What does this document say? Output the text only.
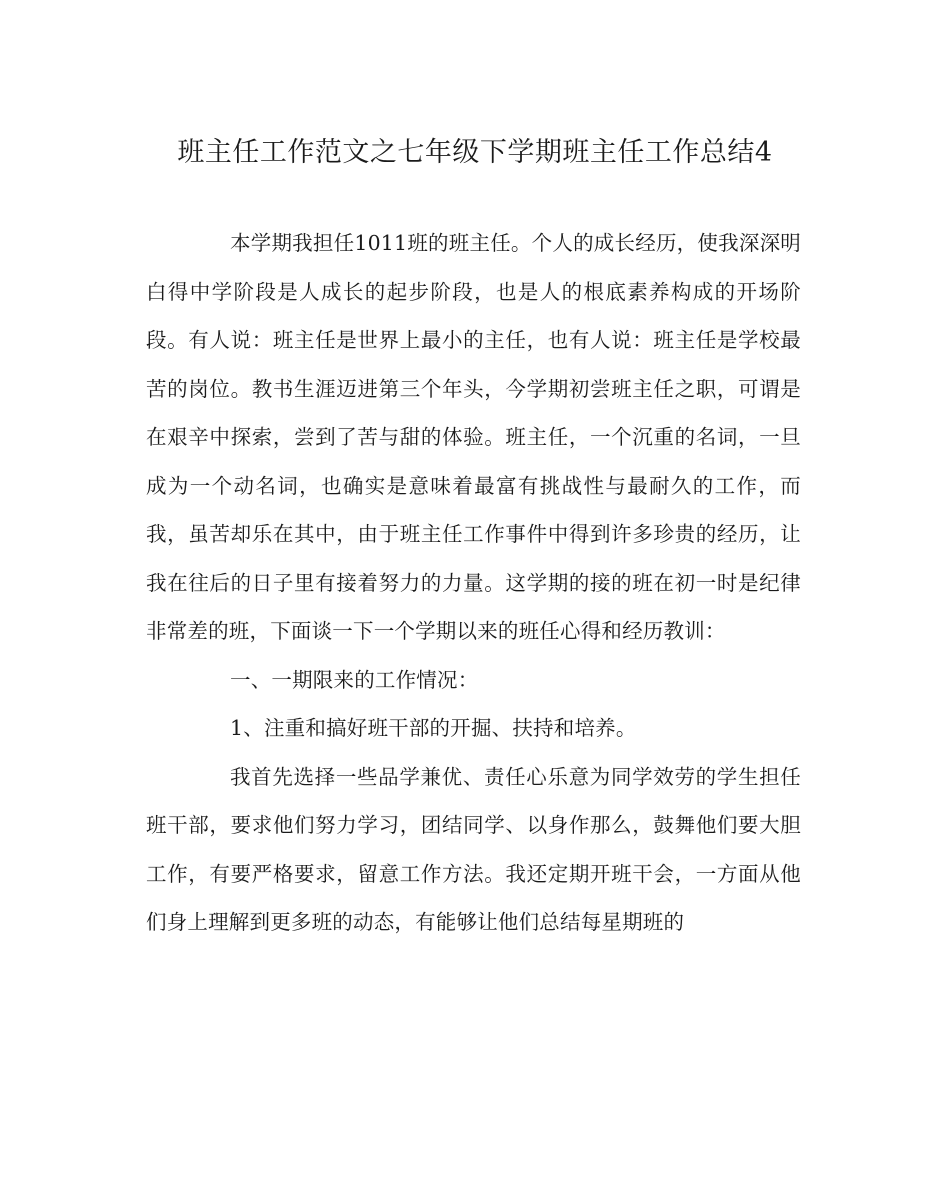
班主任工作范文之七年级下学期班主任工作总结4

本学期我担任1011班的班主任。个人的成长经历，使我深深明白得中学阶段是人成长的起步阶段，也是人的根底素养构成的开场阶段。有人说：班主任是世界上最小的主任，也有人说：班主任是学校最苦的岗位。教书生涯迈进第三个年头，今学期初尝班主任之职，可谓是在艰辛中探索，尝到了苦与甜的体验。班主任，一个沉重的名词，一旦成为一个动名词，也确实是意味着最富有挑战性与最耐久的工作，而我，虽苦却乐在其中，由于班主任工作事件中得到许多珍贵的经历，让我在往后的日子里有接着努力的力量。这学期的接的班在初一时是纪律非常差的班，下面谈一下一个学期以来的班任心得和经历教训：

一、一期限来的工作情况：

1、注重和搞好班干部的开掘、扶持和培养。

我首先选择一些品学兼优、责任心乐意为同学效劳的学生担任班干部，要求他们努力学习，团结同学、以身作那么，鼓舞他们要大胆工作，有要严格要求，留意工作方法。我还定期开班干会，一方面从他们身上理解到更多班的动态，有能够让他们总结每星期班的
